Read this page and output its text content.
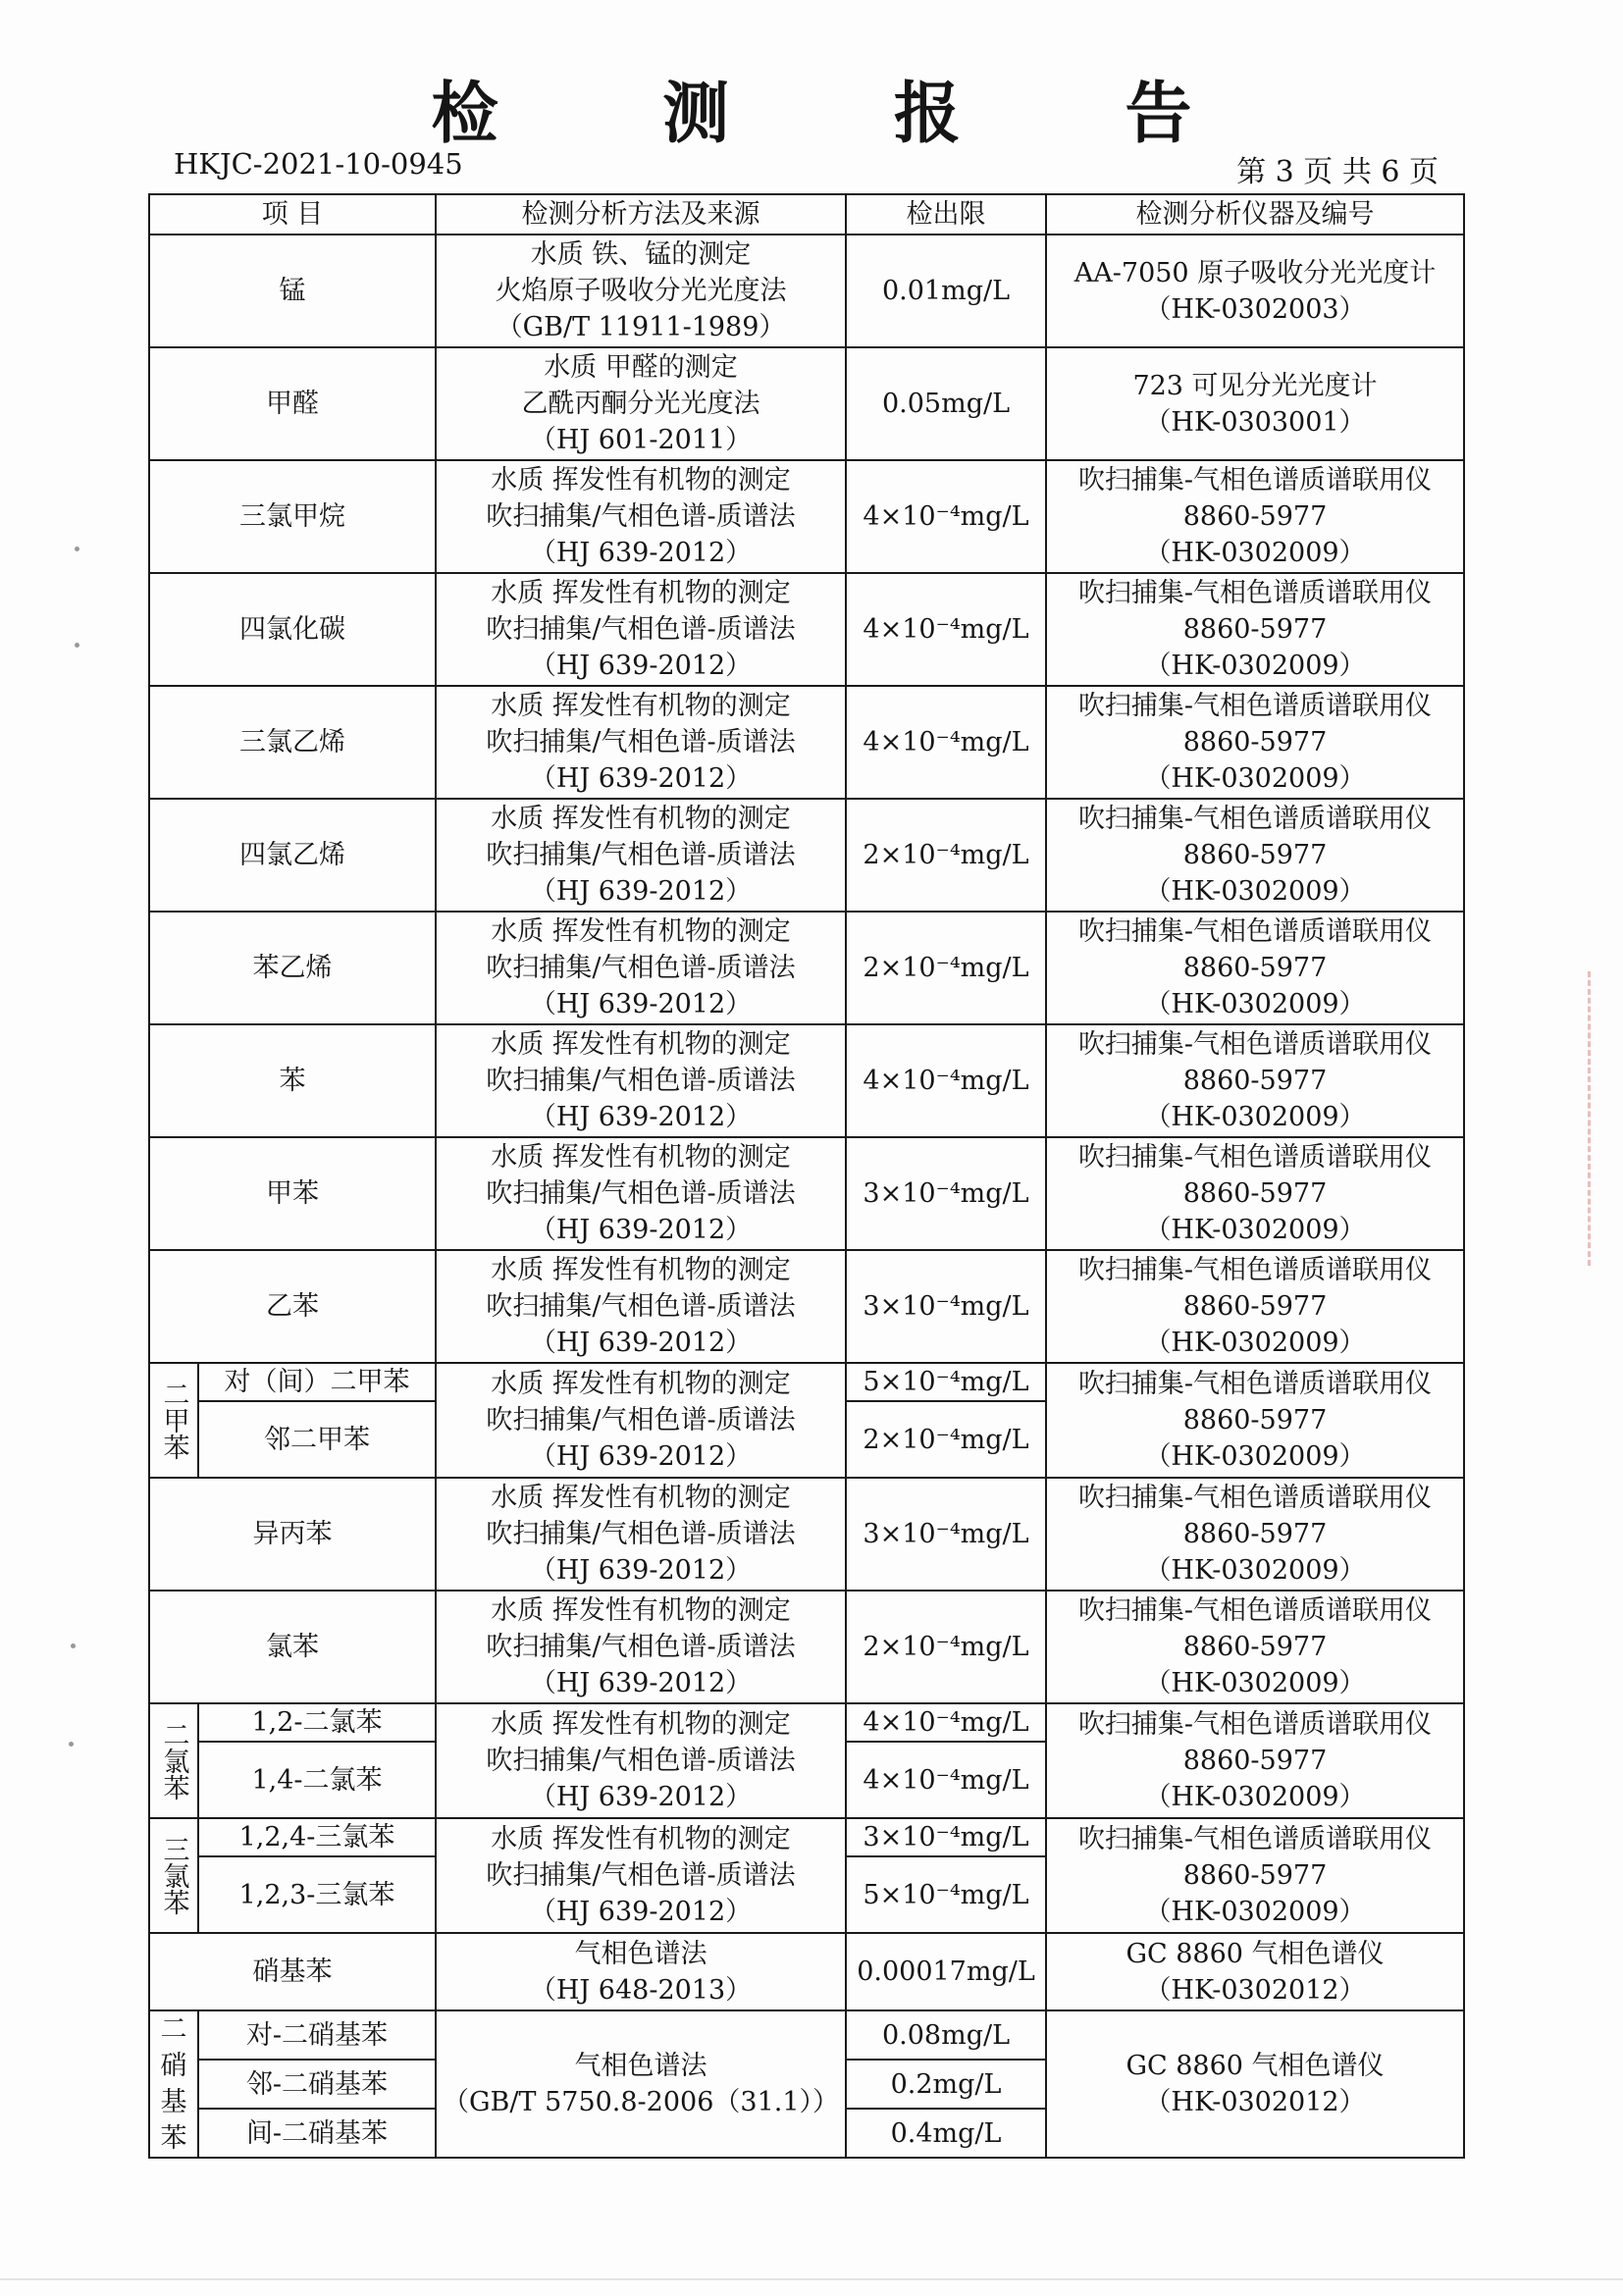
检 测 报 告
HKJC-2021-10-0945	第 3 页 共 6 页
项 目		检测分析方法及来源	检出限	检测分析仪器及编号
锰		水质 铁、锰的测定
火焰原子吸收分光光度法
（GB/T 11911-1989）	0.01mg/L	AA-7050 原子吸收分光光度计
（HK-0302003）

甲醛		水质 甲醛的测定
乙酰丙酮分光光度法
（HJ 601-2011）	0.05mg/L	723 可见分光光度计
（HK-0303001）

三氯甲烷		水质 挥发性有机物的测定
吹扫捕集/气相色谱-质谱法
（HJ 639-2012）	4×10⁻⁴mg/L	吹扫捕集-气相色谱质谱联用仪
8860-5977
（HK-0302009）

四氯化碳		水质 挥发性有机物的测定
吹扫捕集/气相色谱-质谱法
（HJ 639-2012）	4×10⁻⁴mg/L	吹扫捕集-气相色谱质谱联用仪
8860-5977
（HK-0302009）

三氯乙烯		水质 挥发性有机物的测定
吹扫捕集/气相色谱-质谱法
（HJ 639-2012）	4×10⁻⁴mg/L	吹扫捕集-气相色谱质谱联用仪
8860-5977
（HK-0302009）

四氯乙烯		水质 挥发性有机物的测定
吹扫捕集/气相色谱-质谱法
（HJ 639-2012）	2×10⁻⁴mg/L	吹扫捕集-气相色谱质谱联用仪
8860-5977
（HK-0302009）

苯乙烯		水质 挥发性有机物的测定
吹扫捕集/气相色谱-质谱法
（HJ 639-2012）	2×10⁻⁴mg/L	吹扫捕集-气相色谱质谱联用仪
8860-5977
（HK-0302009）

苯		水质 挥发性有机物的测定
吹扫捕集/气相色谱-质谱法
（HJ 639-2012）	4×10⁻⁴mg/L	吹扫捕集-气相色谱质谱联用仪
8860-5977
（HK-0302009）

甲苯		水质 挥发性有机物的测定
吹扫捕集/气相色谱-质谱法
（HJ 639-2012）	3×10⁻⁴mg/L	吹扫捕集-气相色谱质谱联用仪
8860-5977
（HK-0302009）

乙苯		水质 挥发性有机物的测定
吹扫捕集/气相色谱-质谱法
（HJ 639-2012）	3×10⁻⁴mg/L	吹扫捕集-气相色谱质谱联用仪
8860-5977
（HK-0302009）

二甲苯	对（间）二甲苯	水质 挥发性有机物的测定
吹扫捕集/气相色谱-质谱法
（HJ 639-2012）	5×10⁻⁴mg/L	吹扫捕集-气相色谱质谱联用仪
8860-5977
（HK-0302009）

	邻二甲苯		2×10⁻⁴mg/L	
异丙苯		水质 挥发性有机物的测定
吹扫捕集/气相色谱-质谱法
（HJ 639-2012）	3×10⁻⁴mg/L	吹扫捕集-气相色谱质谱联用仪
8860-5977
（HK-0302009）

氯苯		水质 挥发性有机物的测定
吹扫捕集/气相色谱-质谱法
（HJ 639-2012）	2×10⁻⁴mg/L	吹扫捕集-气相色谱质谱联用仪
8860-5977
（HK-0302009）

二氯苯	1,2-二氯苯	水质 挥发性有机物的测定
吹扫捕集/气相色谱-质谱法
（HJ 639-2012）	4×10⁻⁴mg/L	吹扫捕集-气相色谱质谱联用仪
8860-5977
（HK-0302009）

	1,4-二氯苯		4×10⁻⁴mg/L	
三氯苯	1,2,4-三氯苯	水质 挥发性有机物的测定
吹扫捕集/气相色谱-质谱法
（HJ 639-2012）	3×10⁻⁴mg/L	吹扫捕集-气相色谱质谱联用仪
8860-5977
（HK-0302009）

	1,2,3-三氯苯		5×10⁻⁴mg/L	
硝基苯		气相色谱法
（HJ 648-2013）	0.00017mg/L	GC 8860 气相色谱仪
（HK-0302012）

二硝
基苯	对-二硝基苯	气相色谱法
（GB/T 5750.8-2006（31.1））	0.08mg/L	GC 8860 气相色谱仪
（HK-0302012）

	邻-二硝基苯		0.2mg/L	
	间-二硝基苯		0.4mg/L	
